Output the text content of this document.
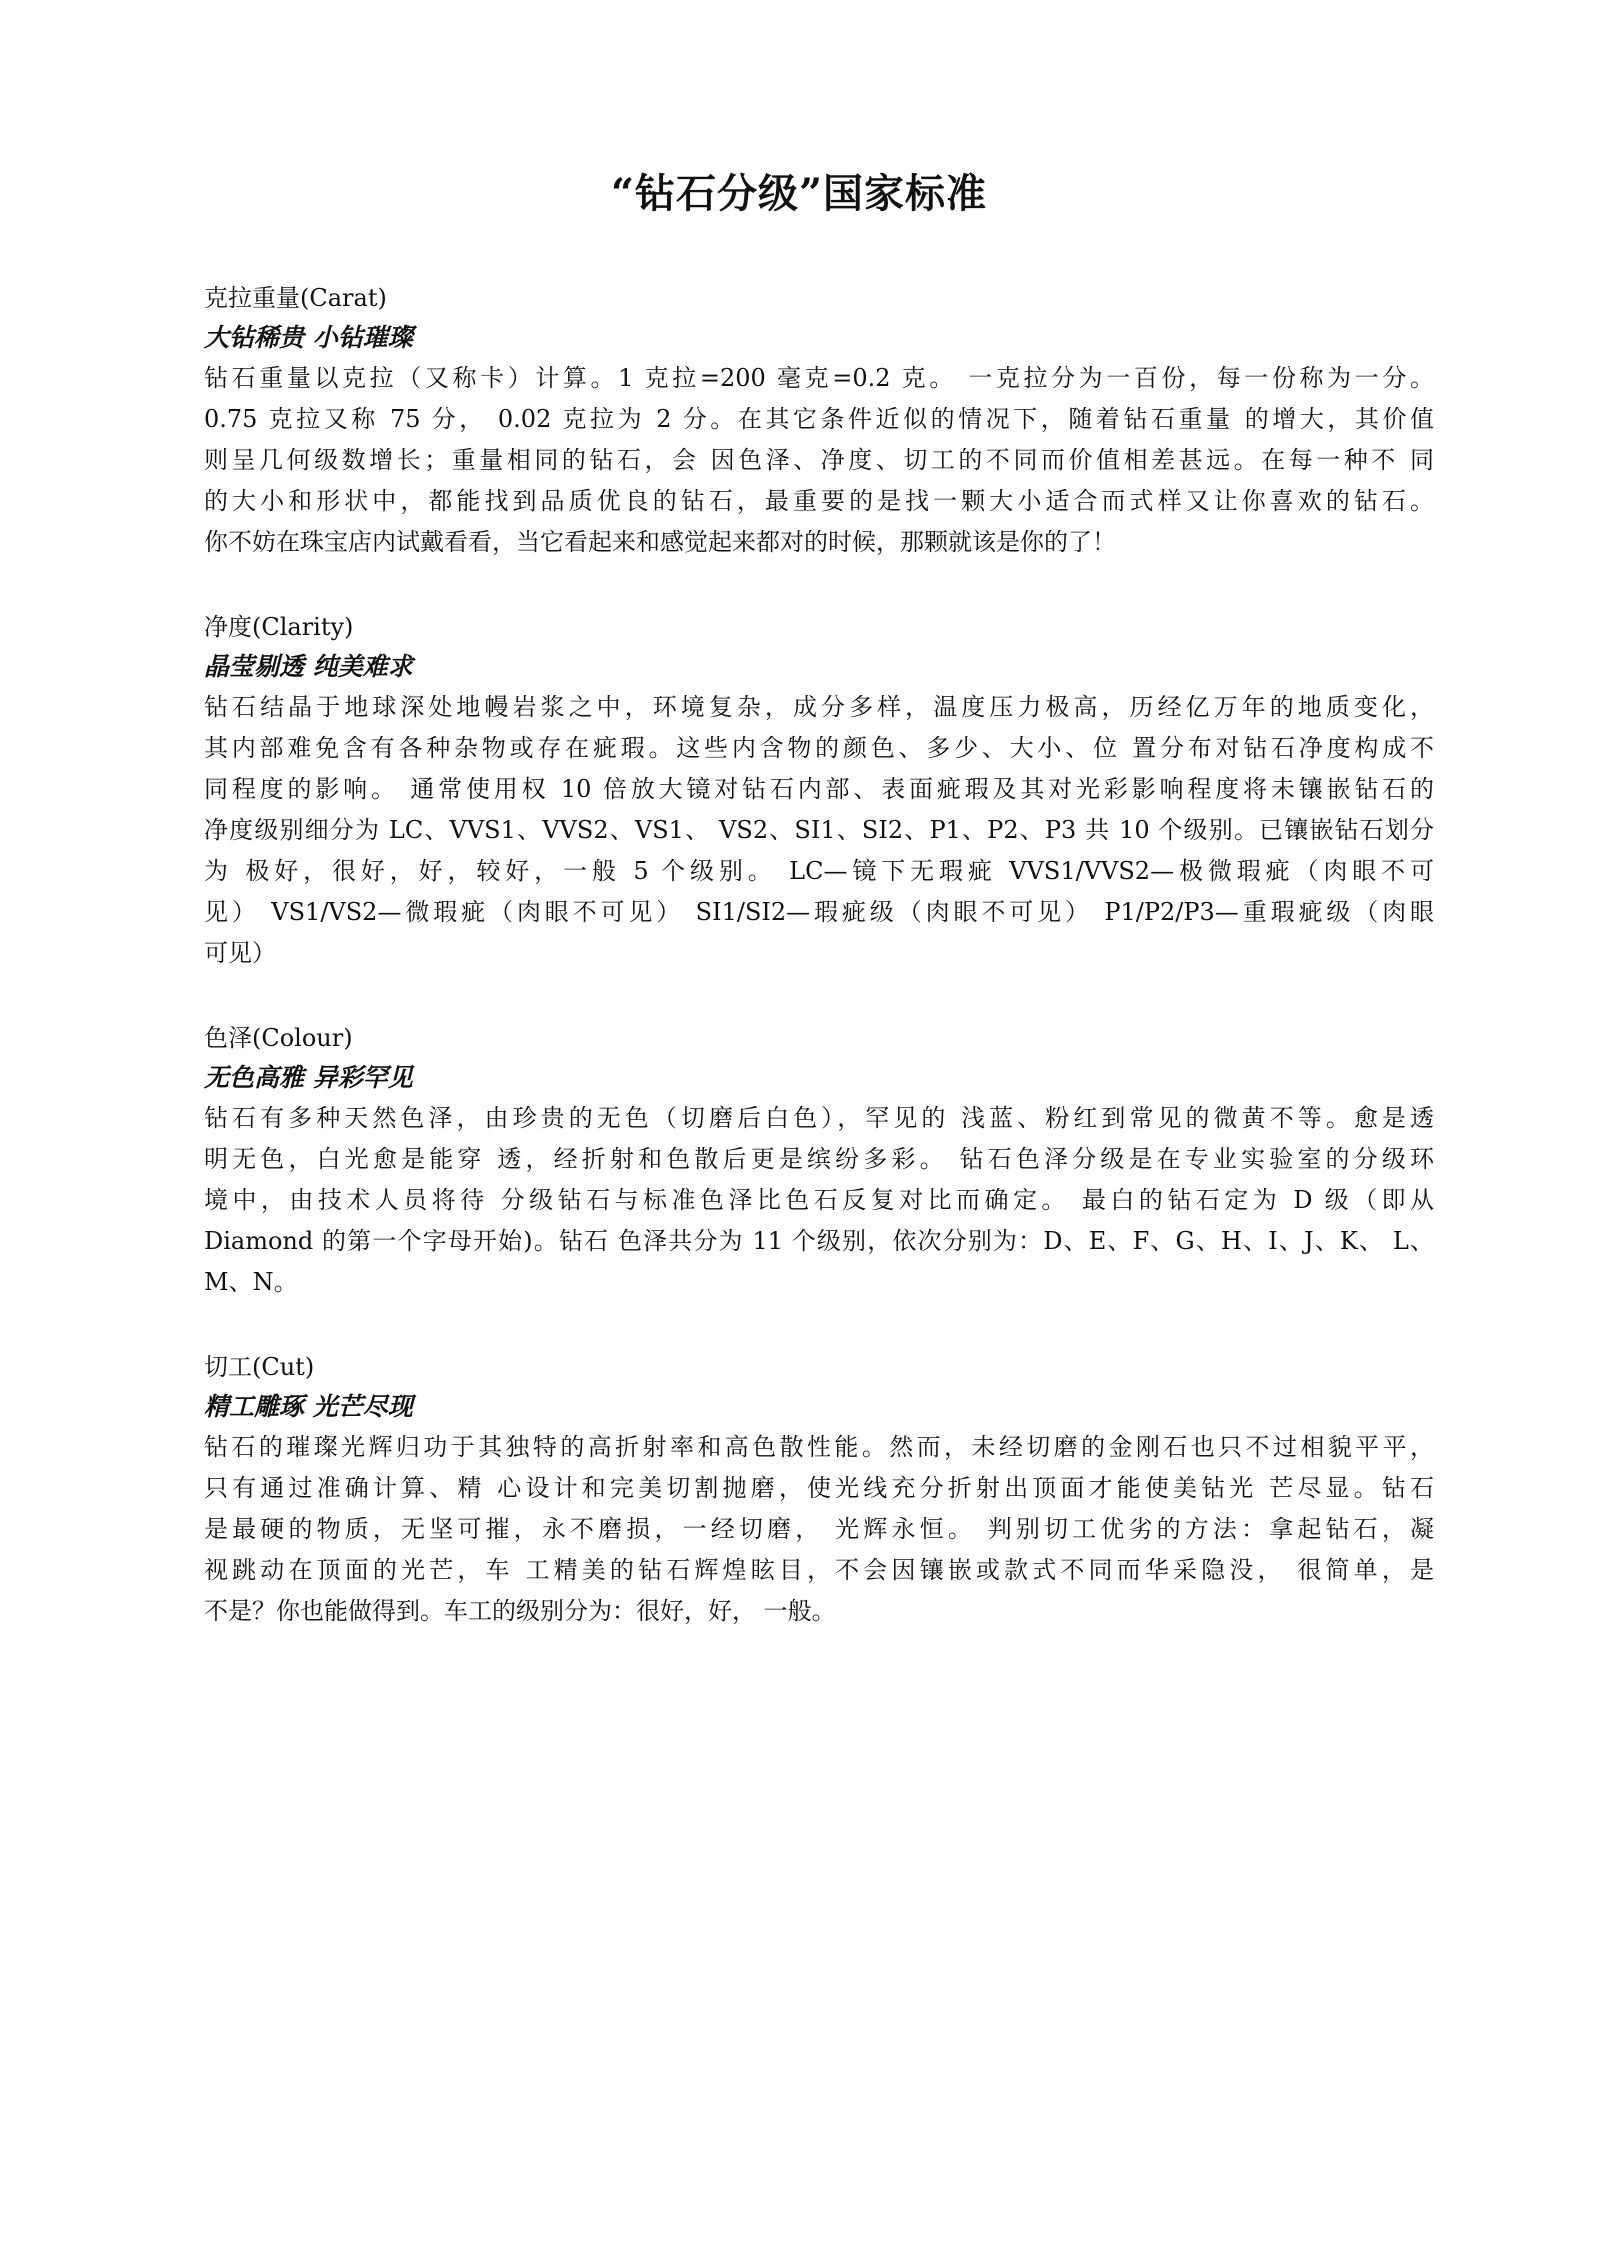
“钻石分级”国家标准

克拉重量(Carat)

大钻稀贵 小钻璀璨

钻石重量以克拉（又称卡）计算。1 克拉=200 毫克=0.2 克。 一克拉分为一百份，每一份称为一分。
0.75 克拉又称 75 分， 0.02 克拉为 2 分。在其它条件近似的情况下，随着钻石重量 的增大，其价值
则呈几何级数增长；重量相同的钻石，会 因色泽、净度、切工的不同而价值相差甚远。在每一种不 同
的大小和形状中，都能找到品质优良的钻石，最重要的是找一颗大小适合而式样又让你喜欢的钻石。
你不妨在珠宝店内试戴看看，当它看起来和感觉起来都对的时候，那颗就该是你的了！

净度(Clarity)

晶莹剔透 纯美难求

钻石结晶于地球深处地幔岩浆之中，环境复杂，成分多样，温度压力极高，历经亿万年的地质变化，
其内部难免含有各种杂物或存在疵瑕。这些内含物的颜色、多少、大小、位 置分布对钻石净度构成不
同程度的影响。 通常使用权 10 倍放大镜对钻石内部、表面疵瑕及其对光彩影响程度将未镶嵌钻石的
净度级别细分为 LC、VVS1、VVS2、VS1、 VS2、SI1、SI2、P1、P2、P3 共 10 个级别。已镶嵌钻石划分
为 极好，很好，好，较好，一般 5 个级别。 LC—镜下无瑕疵 VVS1/VVS2—极微瑕疵（肉眼不可
见） VS1/VS2—微瑕疵（肉眼不可见） SI1/SI2—瑕疵级（肉眼不可见） P1/P2/P3—重瑕疵级（肉眼
可见）

色泽(Colour)

无色高雅 异彩罕见

钻石有多种天然色泽，由珍贵的无色（切磨后白色），罕见的 浅蓝、粉红到常见的微黄不等。愈是透
明无色，白光愈是能穿 透，经折射和色散后更是缤纷多彩。 钻石色泽分级是在专业实验室的分级环
境中，由技术人员将待 分级钻石与标准色泽比色石反复对比而确定。 最白的钻石定为 D 级（即从
Diamond 的第一个字母开始)。钻石 色泽共分为 11 个级别，依次分别为：D、E、F、G、H、I、J、K、 L、
M、N。

切工(Cut)

精工雕琢 光芒尽现

钻石的璀璨光辉归功于其独特的高折射率和高色散性能。然而，未经切磨的金刚石也只不过相貌平平，
只有通过准确计算、精 心设计和完美切割抛磨，使光线充分折射出顶面才能使美钻光 芒尽显。钻石
是最硬的物质，无坚可摧，永不磨损，一经切磨， 光辉永恒。 判别切工优劣的方法：拿起钻石，凝
视跳动在顶面的光芒，车 工精美的钻石辉煌眩目，不会因镶嵌或款式不同而华采隐没， 很简单，是
不是？你也能做得到。车工的级别分为：很好，好， 一般。
